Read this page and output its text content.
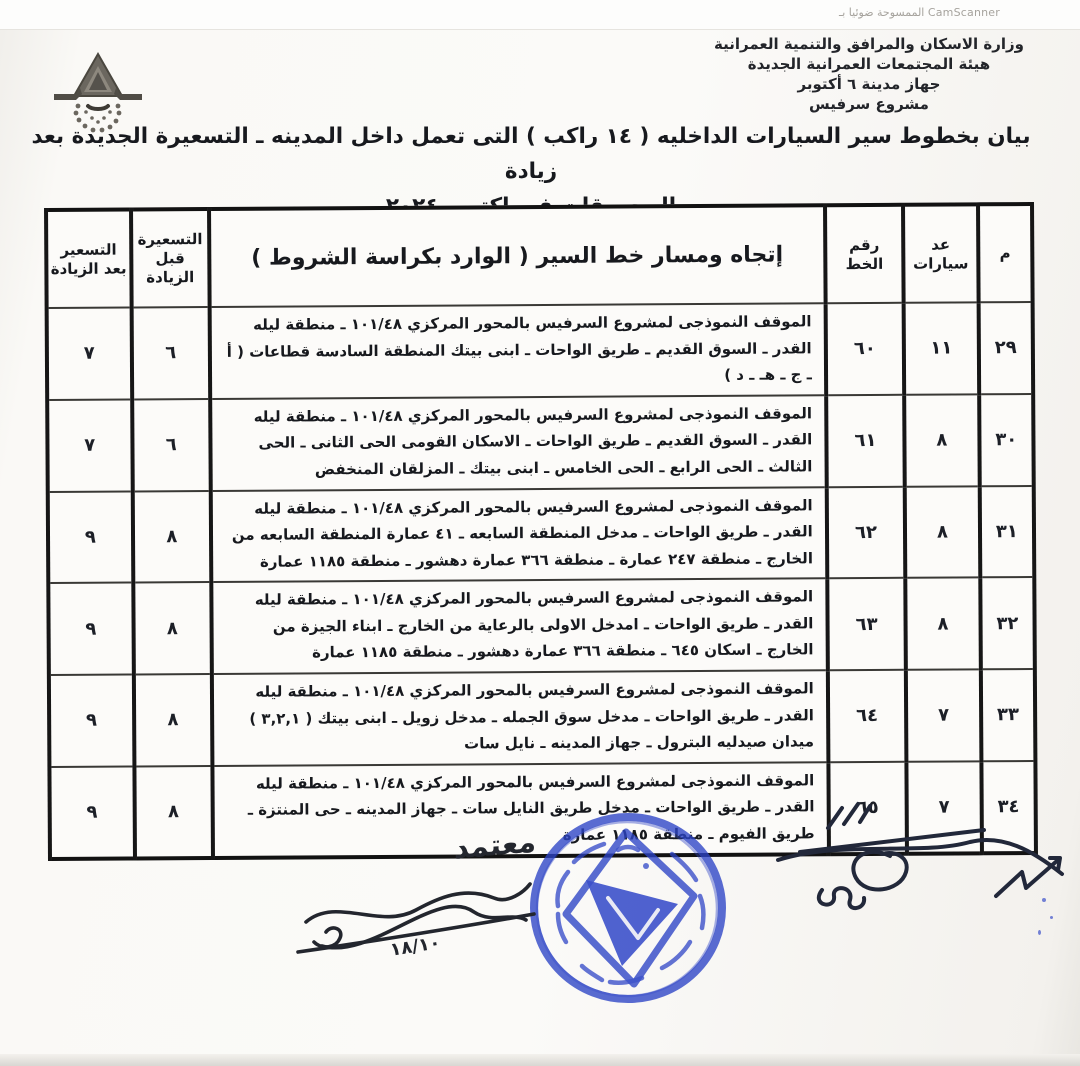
الممسوحة ضوئيا بـ CamScanner
وزارة الاسكان والمرافق والتنمية العمرانية
هيئة المجتمعات العمرانية الجديدة
جهاز مدينة ٦ أكتوبر
مشروع سرفيس
بيان بخطوط سير السيارات الداخليه ( ١٤ راكب ) التى تعمل داخل المدينه ـ التسعيرة الجديدة بعد زيادة
م	عد سيارات	رقم الخط	إتجاه ومسار خط السير ( الوارد بكراسة الشروط )	التسعيرة قبل الزيادة	التسعير بعد الزيادة
٢٩	١١	٦٠	الموقف النموذجى لمشروع السرفيس بالمحور المركزي ١٠١/٤٨ ـ منطقة ليله القدر ـ السوق القديم ـ طريق الواحات ـ ابنى بيتك المنطقة السادسة قطاعات ( أ ـ ج ـ هـ ـ د )	٦	٧
٣٠	٨	٦١	الموقف النموذجى لمشروع السرفيس بالمحور المركزي ١٠١/٤٨ ـ منطقة ليله القدر ـ السوق القديم ـ طريق الواحات ـ الاسكان القومى الحى الثانى ـ الحى الثالث ـ الحى الرابع ـ الحى الخامس ـ ابنى بيتك ـ المزلقان المنخفض	٦	٧
٣١	٨	٦٢	الموقف النموذجى لمشروع السرفيس بالمحور المركزي ١٠١/٤٨ ـ منطقة ليله القدر ـ طريق الواحات ـ مدخل المنطقة السابعه ـ ٤١ عمارة المنطقة السابعه من الخارج ـ منطقة ٢٤٧ عمارة ـ منطقة ٣٦٦ عمارة دهشور ـ منطقة ١١٨٥ عمارة	٨	٩
٣٢	٨	٦٣	الموقف النموذجى لمشروع السرفيس بالمحور المركزي ١٠١/٤٨ ـ منطقة ليله القدر ـ طريق الواحات ـ امدخل الاولى بالرعاية من الخارج ـ ابناء الجيزة من الخارج ـ اسكان ٦٤٥ ـ منطقة ٣٦٦ عمارة دهشور ـ منطقة ١١٨٥ عمارة	٨	٩
٣٣	٧	٦٤	الموقف النموذجى لمشروع السرفيس بالمحور المركزي ١٠١/٤٨ ـ منطقة ليله القدر ـ طريق الواحات ـ مدخل سوق الجمله ـ مدخل زويل ـ ابنى بيتك ( ٣,٢,١ ) ميدان صيدليه البترول ـ جهاز المدينه ـ نايل سات	٨	٩
٣٤	٧	٦٥	الموقف النموذجى لمشروع السرفيس بالمحور المركزي ١٠١/٤٨ ـ منطقة ليله القدر ـ طريق الواحات ـ مدخل طريق النايل سات ـ جهاز المدينه ـ حى المنتزة ـ طريق الفيوم ـ منطقة ١١٨٥ عمارة	٨	٩
معتمد
١٨/١٠
